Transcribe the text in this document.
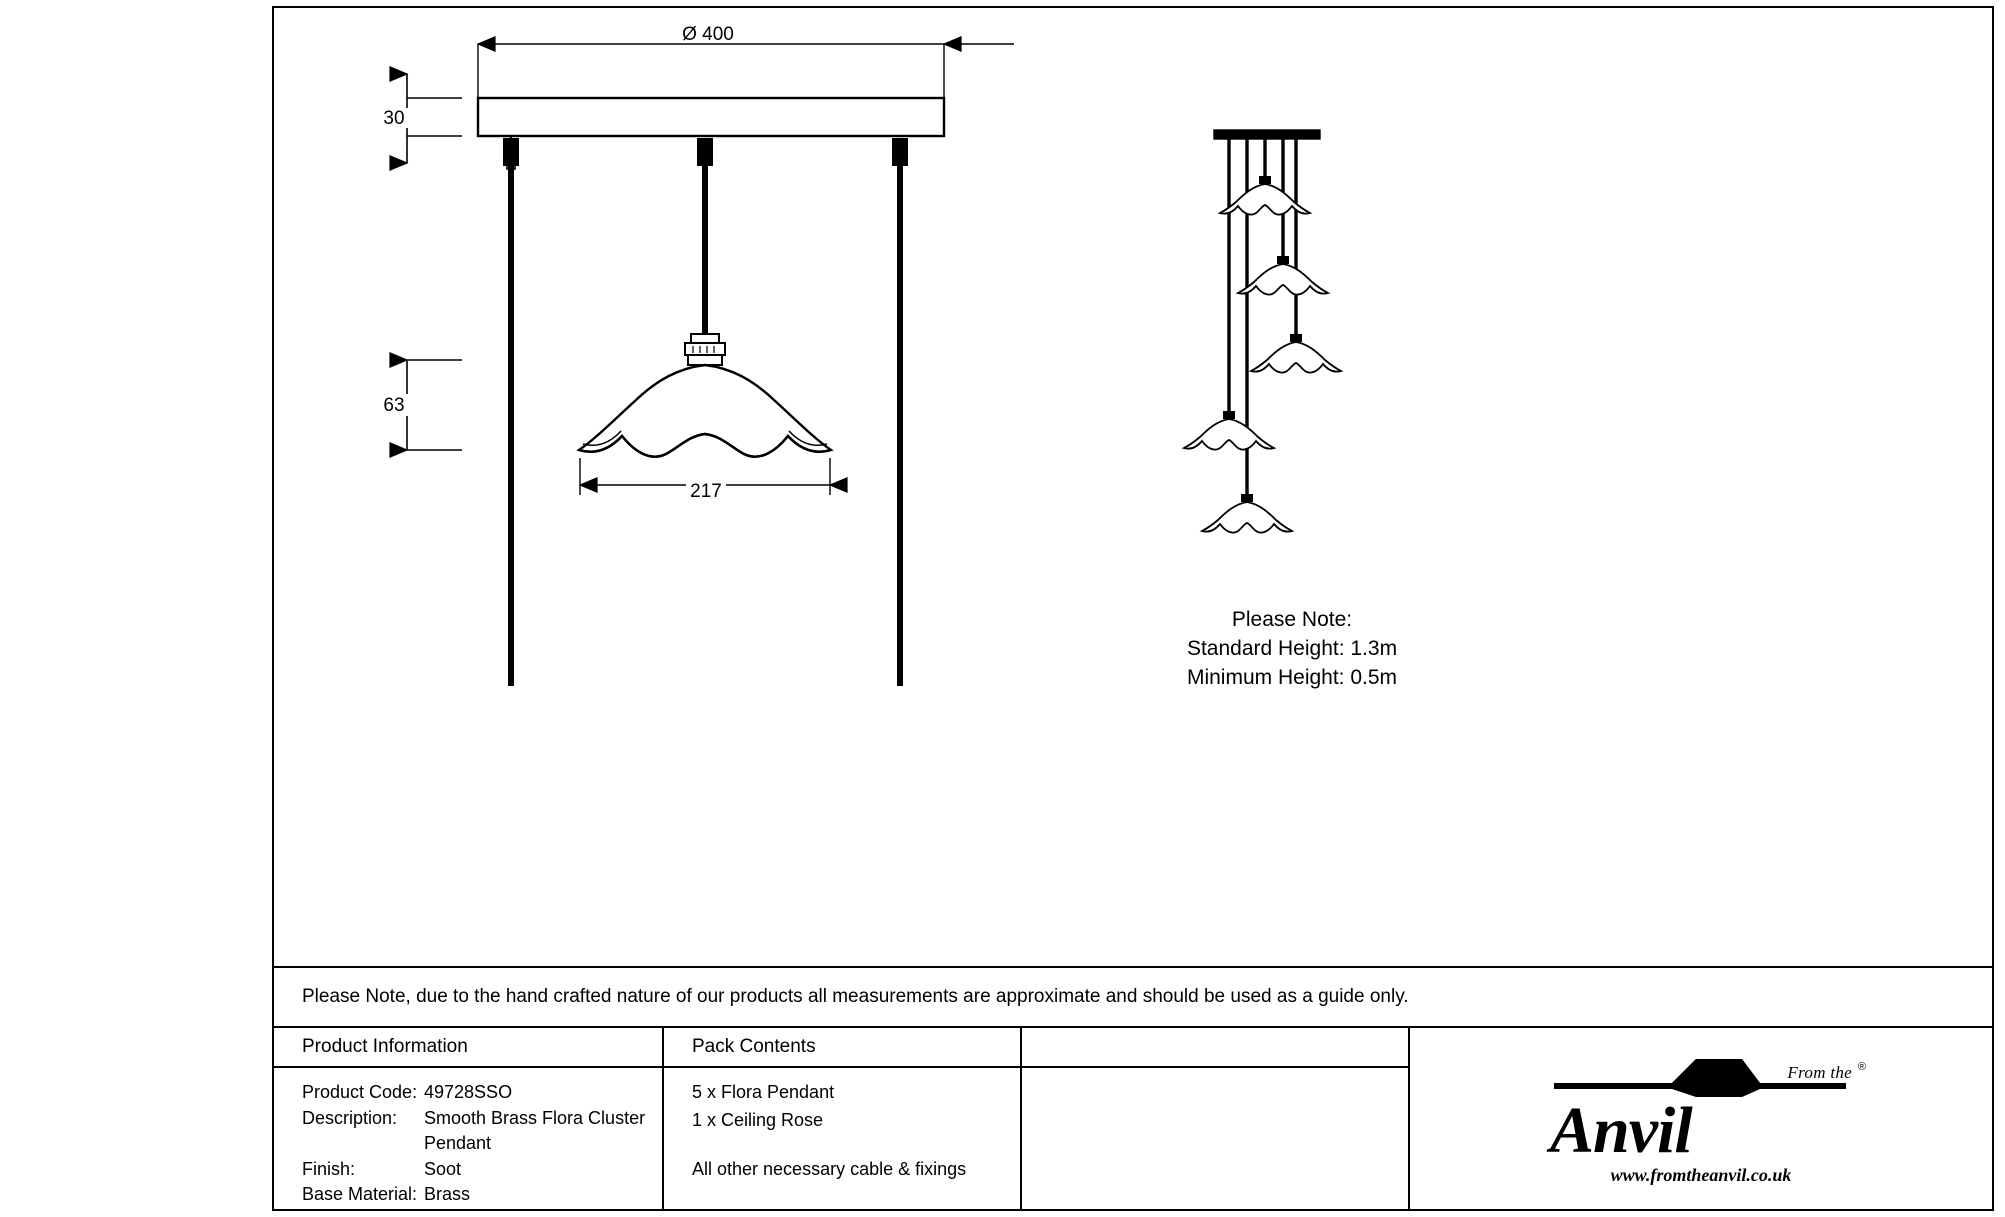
Ø 400
30
63
217
Please Note:
Standard Height: 1.3m
Minimum Height: 0.5m
Please Note, due to the hand crafted nature of our products all measurements are approximate and should be used as a guide only.
Product Information
Product Code: 49728SSO
Description:	Smooth Brass Flora Cluster
Pendant
Finish:	Soot
Base Material: Brass
Pack Contents
5 x Flora Pendant
1 x Ceiling Rose
All other necessary cable & fixings
From the ®
Anvil
www.fromtheanvil.co.uk
